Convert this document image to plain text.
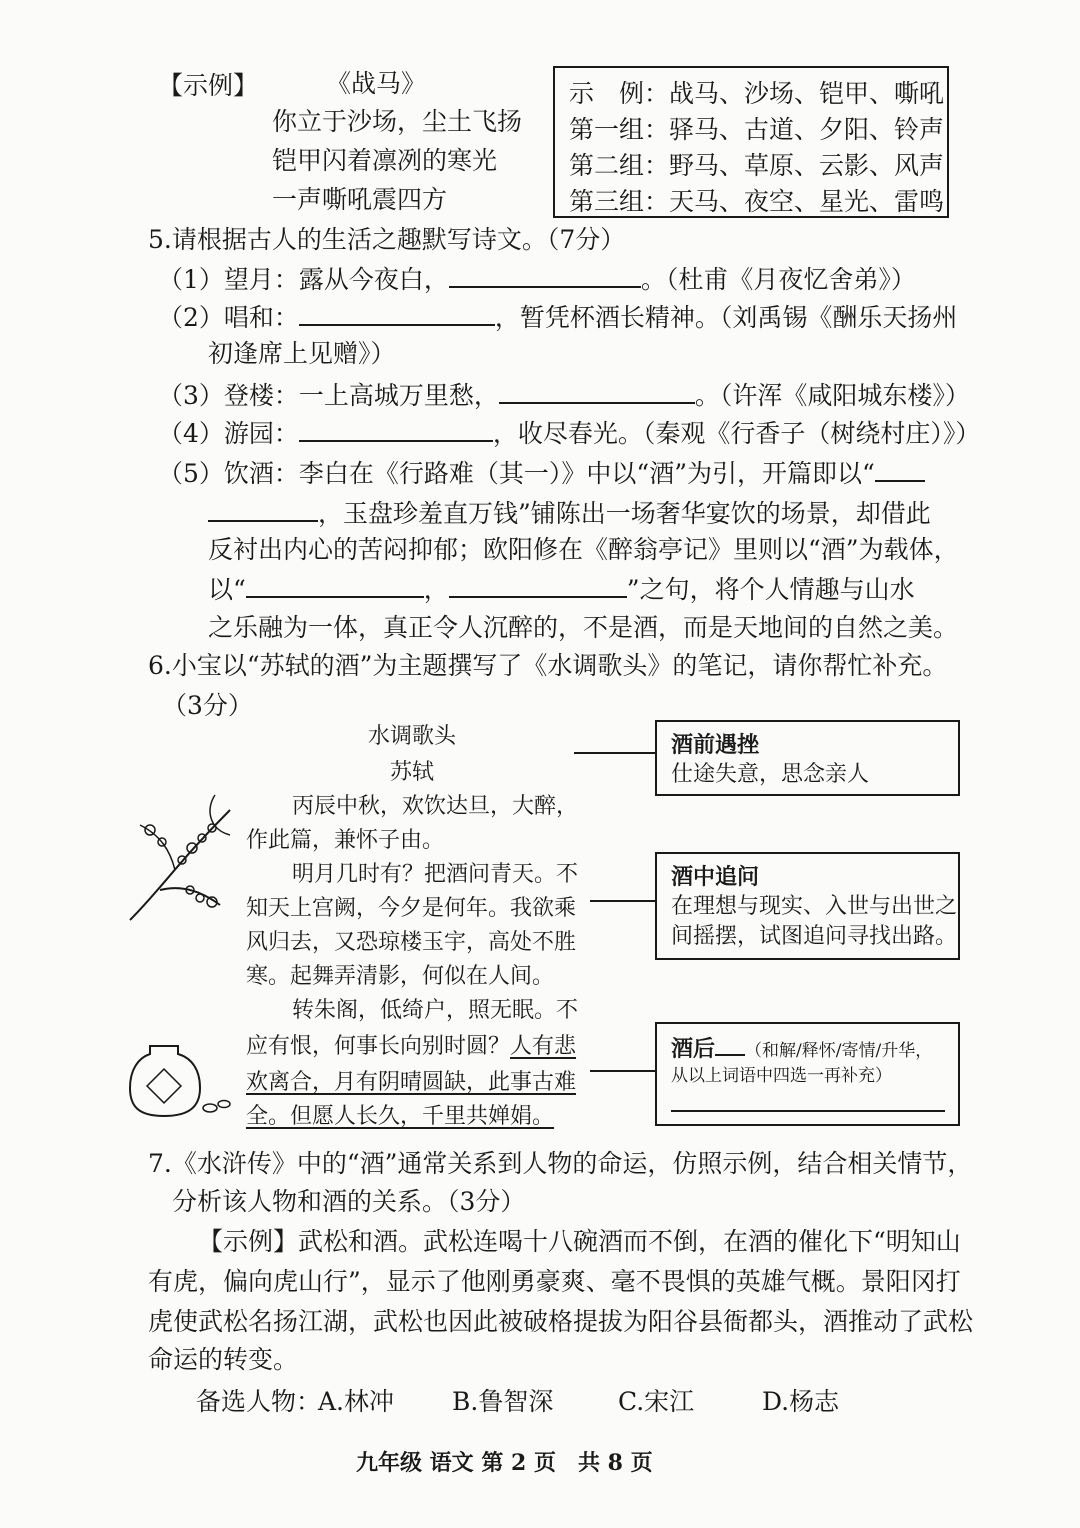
【示例】	《战马》
你立于沙场，尘土飞扬
铠甲闪着凛冽的寒光
一声嘶吼震四方
示　例：战马、沙场、铠甲、嘶吼
第一组：驿马、古道、夕阳、铃声
第二组：野马、草原、云影、风声
第三组：天马、夜空、星光、雷鸣
5.请根据古人的生活之趣默写诗文。（7分）
（1）望月：露从今夜白，	。（杜甫《月夜忆舍弟》）
（2）唱和：	，暂凭杯酒长精神。（刘禹锡《酬乐天扬州
初逢席上见赠》）
（3）登楼：一上高城万里愁，	。（许浑《咸阳城东楼》）
（4）游园：	，收尽春光。（秦观《行香子（树绕村庄）》）
（5）饮酒：李白在《行路难（其一）》中以“酒”为引，开篇即以“
，玉盘珍羞直万钱”铺陈出一场奢华宴饮的场景，却借此
反衬出内心的苦闷抑郁；欧阳修在《醉翁亭记》里则以“酒”为载体，
以“	，	”之句，将个人情趣与山水
之乐融为一体，真正令人沉醉的，不是酒，而是天地间的自然之美。
6.小宝以“苏轼的酒”为主题撰写了《水调歌头》的笔记，请你帮忙补充。
（3分）
水调歌头
苏轼
丙辰中秋，欢饮达旦，大醉，
作此篇，兼怀子由。
明月几时有？把酒问青天。不
知天上宫阙，今夕是何年。我欲乘
风归去，又恐琼楼玉宇，高处不胜
寒。起舞弄清影，何似在人间。
转朱阁，低绮户，照无眠。不
应有恨，何事长向别时圆？人有悲
欢离合，月有阴晴圆缺，此事古难
全。但愿人长久，千里共婵娟。
酒前遇挫
仕途失意，思念亲人
酒中追问
在理想与现实、入世与出世之
间摇摆，试图追问寻找出路。
酒后 （和解/释怀/寄情/升华，
从以上词语中四选一再补充）
7.《水浒传》中的“酒”通常关系到人物的命运，仿照示例，结合相关情节，
分析该人物和酒的关系。（3分）
【示例】武松和酒。武松连喝十八碗酒而不倒，在酒的催化下“明知山
有虎，偏向虎山行”，显示了他刚勇豪爽、毫不畏惧的英雄气概。景阳冈打
虎使武松名扬江湖，武松也因此被破格提拔为阳谷县衙都头，酒推动了武松
命运的转变。
备选人物：
A.林冲 B.鲁智深	C.宋江	D.杨志
九年级 语文 第 2 页　共 8 页
